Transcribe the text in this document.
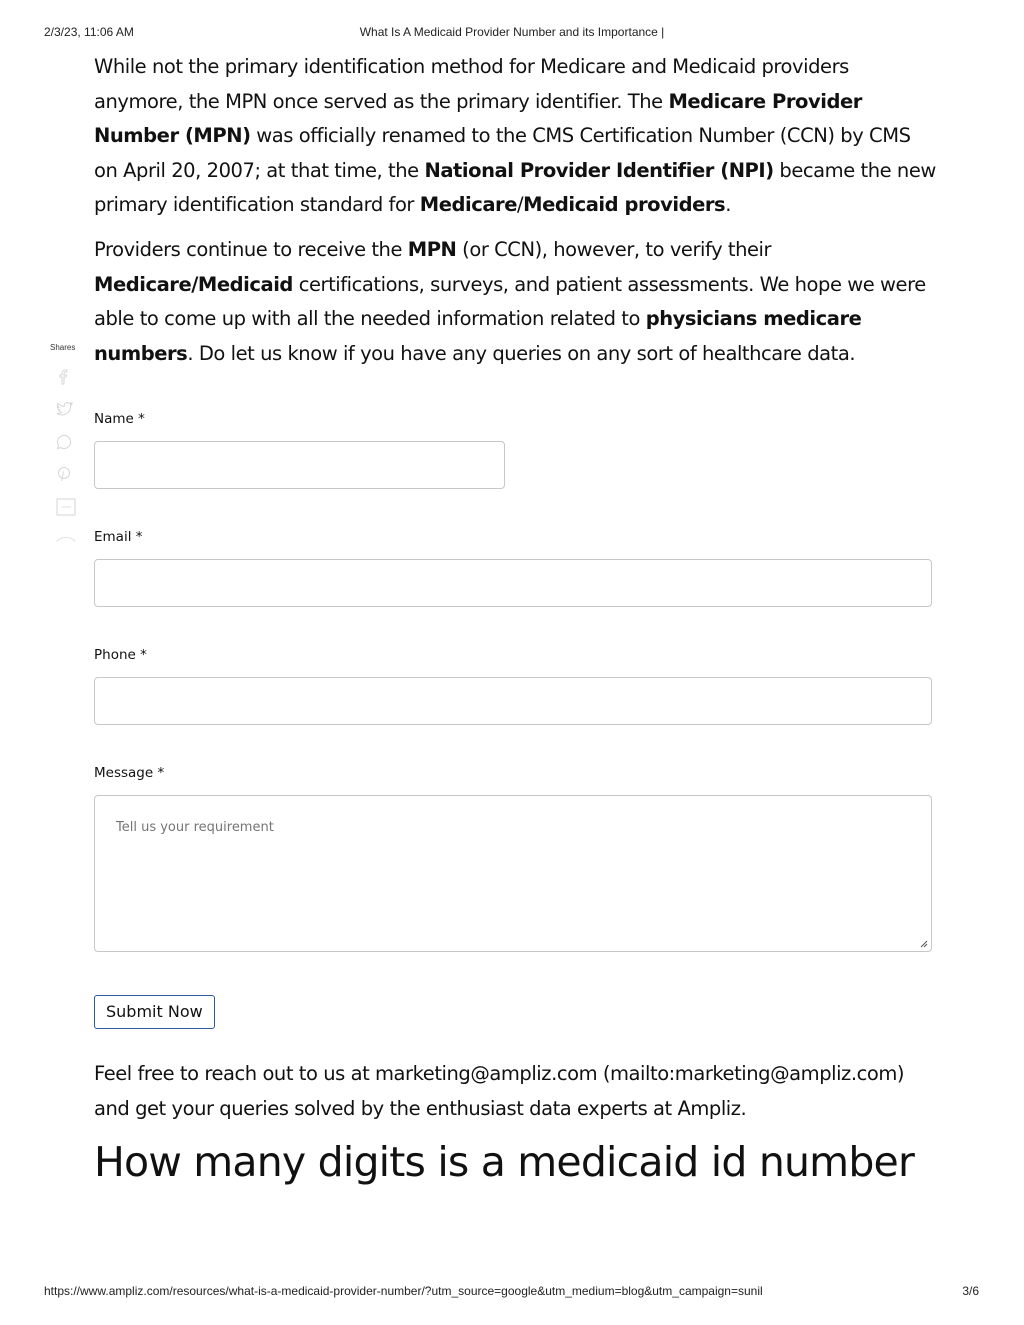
2/3/23, 11:06 AM	What Is A Medicaid Provider Number and its Importance |
Shares

While not the primary identification method for Medicare and Medicaid providers anymore, the MPN once served as the primary identifier. The Medicare Provider Number (MPN) was officially renamed to the CMS Certification Number (CCN) by CMS on April 20, 2007; at that time, the National Provider Identifier (NPI) became the new primary identification standard for Medicare/Medicaid providers.

Providers continue to receive the MPN (or CCN), however, to verify their Medicare/Medicaid certifications, surveys, and patient assessments. We hope we were able to come up with all the needed information related to physicians medicare numbers. Do let us know if you have any queries on any sort of healthcare data.

Name *
Email *
Phone *
Message *
Tell us your requirement
Submit Now

Feel free to reach out to us at marketing@ampliz.com (mailto:marketing@ampliz.com) and get your queries solved by the enthusiast data experts at Ampliz.

How many digits is a medicaid id number
https://www.ampliz.com/resources/what-is-a-medicaid-provider-number/?utm_source=google&utm_medium=blog&utm_campaign=sunil	3/6
